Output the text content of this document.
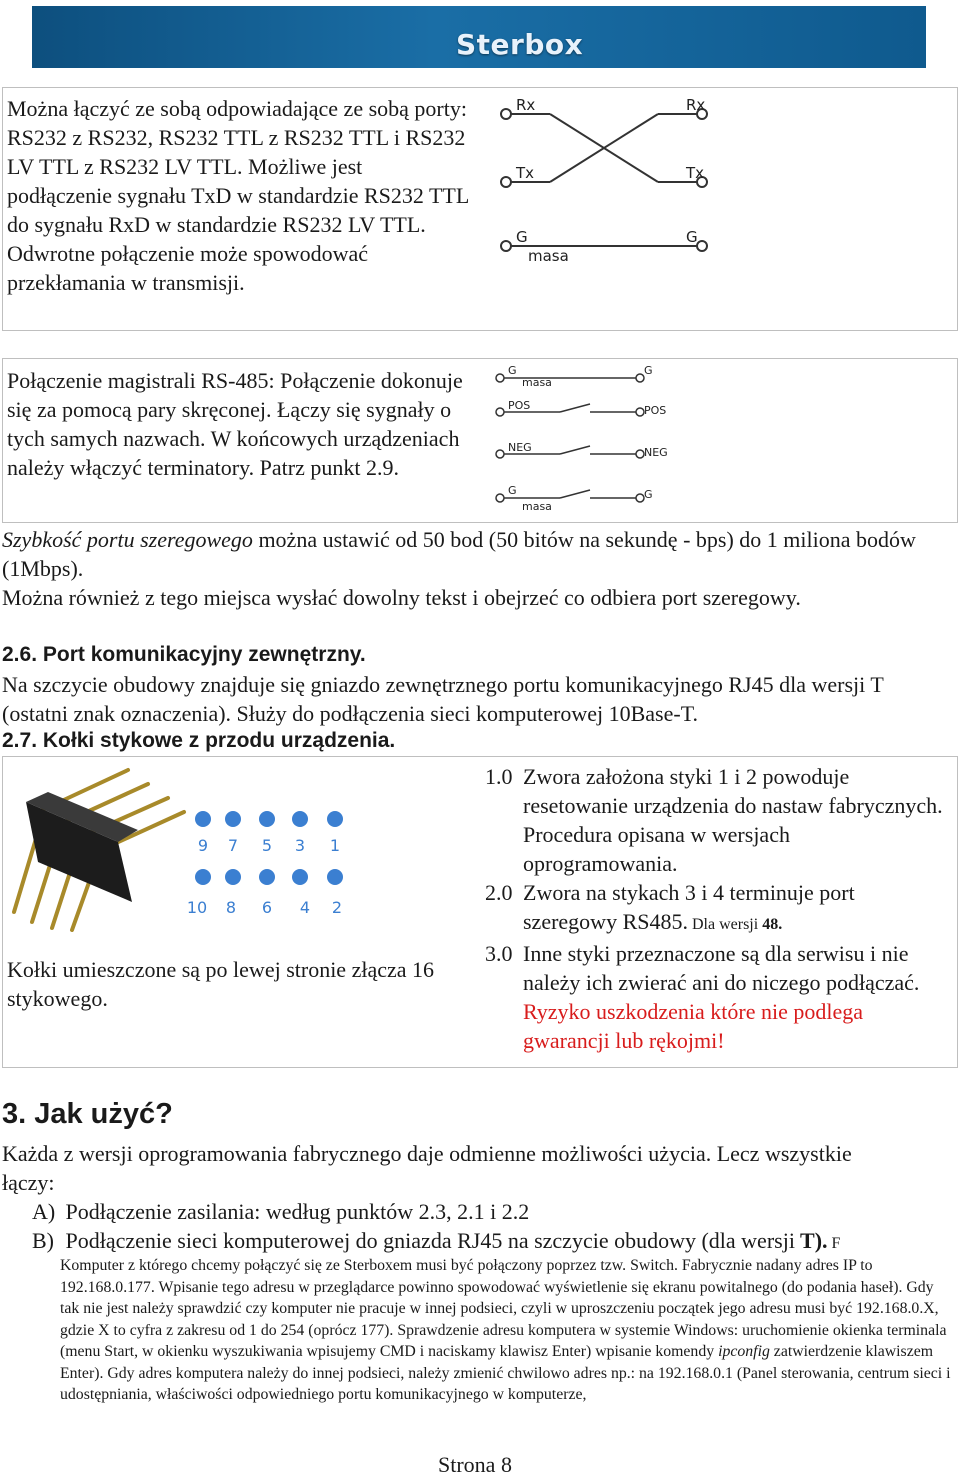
Sterbox
Można łączyć ze sobą odpowiadające ze sobą porty: RS232 z RS232, RS232 TTL z RS232 TTL i RS232 LV TTL z RS232 LV TTL. Możliwe jest podłączenie sygnału TxD w standardzie RS232 TTL do sygnału RxD w standardzie RS232 LV TTL. Odwrotne połączenie może spowodować przekłamania w transmisji.
Rx	Rx
Tx	Tx
G	G
masa
Połączenie magistrali RS-485: Połączenie dokonuje się za pomocą pary skręconej. Łączy się sygnały o tych samych nazwach. W końcowych urządzeniach należy włączyć terminatory. Patrz punkt 2.9.
G
masa
G
POS	POS
NEG	NEG
G
masa
G

Szybkość portu szeregowego można ustawić od 50 bod (50 bitów na sekundę - bps) do 1 miliona bodów (1Mbps).

Można również z tego miejsca wysłać dowolny tekst i obejrzeć co odbiera port szeregowy.

2.6. Port komunikacyjny zewnętrzny.
Na szczycie obudowy znajduje się gniazdo zewnętrznego portu komunikacyjnego RJ45 dla wersji T (ostatni znak oznaczenia). Służy do podłączenia sieci komputerowej 10Base-T.
2.7. Kołki stykowe z przodu urządzenia.
9 7 5 3 1
10 8 6 4 2
Kołki umieszczone są po lewej stronie złącza 16 stykowego.
1.0 Zwora założona styki 1 i 2 powoduje resetowanie urządzenia do nastaw fabrycznych. Procedura opisana w wersjach oprogramowania.
2.0 Zwora na stykach 3 i 4 terminuje port szeregowy RS485. Dla wersji 48.
3.0 Inne styki przeznaczone są dla serwisu i nie należy ich zwierać ani do niczego podłączać. Ryzyko uszkodzenia które nie podlega gwarancji lub rękojmi!
3. Jak użyć?
Każda z wersji oprogramowania fabrycznego daje odmienne możliwości użycia. Lecz wszystkie łączy:
A) Podłączenie zasilania: według punktów 2.3, 2.1 i 2.2
B) Podłączenie sieci komputerowej do gniazda RJ45 na szczycie obudowy (dla wersji T). F
Komputer z którego chcemy połączyć się ze Sterboxem musi być połączony poprzez tzw. Switch. Fabrycznie nadany adres IP to 192.168.0.177. Wpisanie tego adresu w przeglądarce powinno spowodować wyświetlenie się ekranu powitalnego (do podania haseł). Gdy tak nie jest należy sprawdzić czy komputer nie pracuje w innej podsieci, czyli w uproszczeniu początek jego adresu musi być 192.168.0.X, gdzie X to cyfra z zakresu od 1 do 254 (oprócz 177). Sprawdzenie adresu komputera w systemie Windows: uruchomienie okienka terminala (menu Start, w okienku wyszukiwania wpisujemy CMD i naciskamy klawisz Enter) wpisanie komendy ipconfig zatwierdzenie klawiszem Enter). Gdy adres komputera należy do innej podsieci, należy zmienić chwilowo adres np.: na 192.168.0.1 (Panel sterowania, centrum sieci i udostępniania, właściwości odpowiedniego portu komunikacyjnego w komputerze,
Strona 8
